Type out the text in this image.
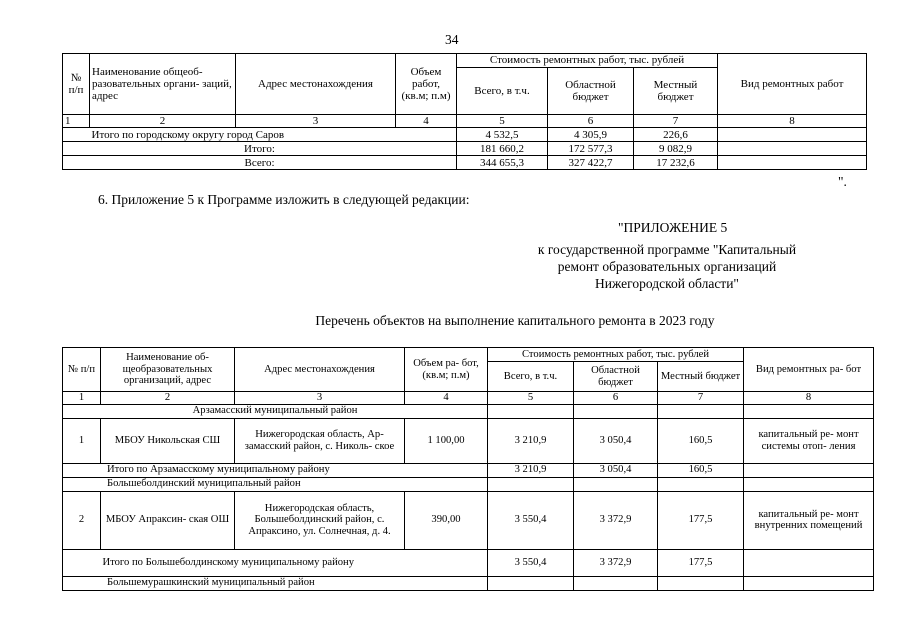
34
№ п/п	Наименование общеоб- разовательных органи- заций, адрес	Адрес местонахождения	Объем работ, (кв.м; п.м)	Стоимость ремонтных работ, тыс. рублей			Вид ремонтных работ
				Всего, в т.ч.	Областной бюджет	Местный бюджет	
1	2	3	4	5	6	7	8
	Итого по городскому округу город Саров			4 532,5	4 305,9	226,6	
Итого:				181 660,2	172 577,3	9 082,9	
Всего:				344 655,3	327 422,7	17 232,6	
".
6. Приложение 5 к Программе изложить в следующей редакции:
"ПРИЛОЖЕНИЕ 5
к государственной программе "Капитальный
ремонт образовательных организаций
Нижегородской области"
Перечень объектов на выполнение капитального ремонта в 2023 году
№ п/п	Наименование об- щеобразовательных организаций, адрес	Адрес местонахождения	Объем ра- бот, (кв.м; п.м)	Стоимость ремонтных работ, тыс. рублей			Вид ремонтных ра- бот
				Всего, в т.ч.	Областной бюджет	Местный бюджет	
1	2	3	4	5	6	7	8
Арзамасский муниципальный район							
1	МБОУ Никольская СШ	Нижегородская область, Ар- замасский район, с. Николь- ское	1 100,00	3 210,9	3 050,4	160,5	капитальный ре- монт системы отоп- ления
Итого по Арзамасскому муниципальному району				3 210,9	3 050,4	160,5	
Большеболдинский муниципальный район							
2	МБОУ Апраксин- ская ОШ	Нижегородская область, Большеболдинский район, с. Апраксино, ул. Солнечная, д. 4.	390,00	3 550,4	3 372,9	177,5	капитальный ре- монт внутренних помещений
	Итого по Большеболдинскому муниципальному району			3 550,4	3 372,9	177,5	
Большемурашкинский муниципальный район							
